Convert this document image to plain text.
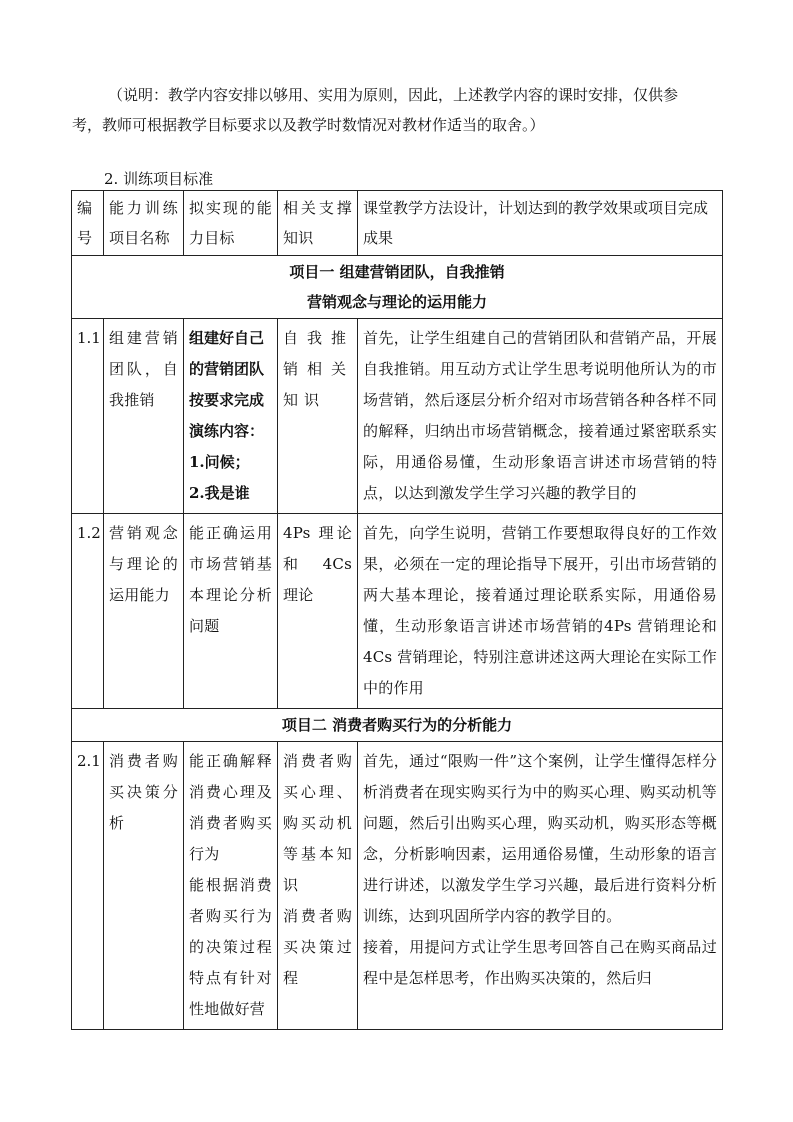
（说明：教学内容安排以够用、实用为原则，因此，上述教学内容的课时安排，仅供参

考，教师可根据教学目标要求以及教学时数情况对教材作适当的取舍。）

2. 训练项目标准
编号	能力训练项目名称	拟实现的能力目标	相关支撑知识	课堂教学方法设计，计划达到的教学效果或项目完成成果

项目一 组建营销团队，自我推销
营销观念与理论的运用能力				

1.1	组建营销团队，自我推销	组建好自己的营销团队
按要求完成演练内容：
1.问候；
2.我是谁	自我推销相关知识	首先，让学生组建自己的营销团队和营销产品，开展自我推销。用互动方式让学生思考说明他所认为的市场营销，然后逐层分析介绍对市场营销各种各样不同的解释，归纳出市场营销概念，接着通过紧密联系实际，用通俗易懂，生动形象语言讲述市场营销的特点，以达到激发学生学习兴趣的教学目的
1.2	营销观念与理论的运用能力	能正确运用市场营销基本理论分析问题	4Ps 理论和 4Cs 理论	首先，向学生说明，营销工作要想取得良好的工作效果，必须在一定的理论指导下展开，引出市场营销的两大基本理论，接着通过理论联系实际，用通俗易懂，生动形象语言讲述市场营销的4Ps 营销理论和 4Cs 营销理论，特别注意讲述这两大理论在实际工作中的作用
项目二 消费者购买行为的分析能力				
2.1	消费者购买决策分析	能正确解释消费心理及消费者购买行为
能根据消费者购买行为的决策过程特点有针对性地做好营	消费者购买心理、购买动机等基本知识
消费者购买决策过程	首先，通过“限购一件”这个案例，让学生懂得怎样分析消费者在现实购买行为中的购买心理、购买动机等问题，然后引出购买心理，购买动机，购买形态等概念，分析影响因素，运用通俗易懂，生动形象的语言进行讲述，以激发学生学习兴趣，最后进行资料分析训练，达到巩固所学内容的教学目的。
接着，用提问方式让学生思考回答自己在购买商品过程中是怎样思考，作出购买决策的，然后归
